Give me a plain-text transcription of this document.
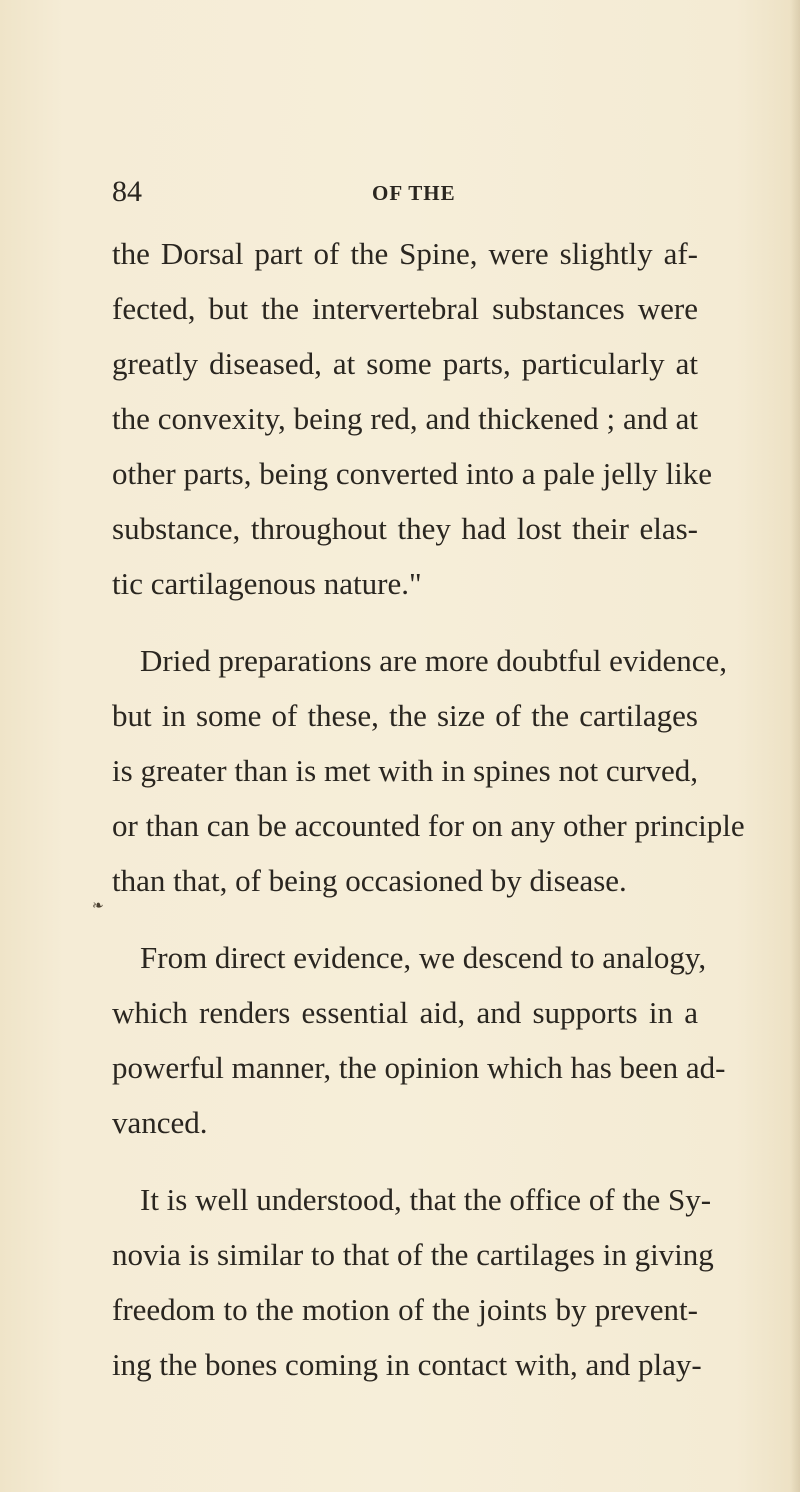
84	OF THE
the Dorsal part of the Spine, were slightly af-
fected, but the intervertebral substances were
greatly diseased, at some parts, particularly at
the convexity, being red, and thickened ; and at
other parts, being converted into a pale jelly like
substance, throughout they had lost their elas-
tic cartilagenous nature."
Dried preparations are more doubtful evidence,
but in some of these, the size of the cartilages
is greater than is met with in spines not curved,
or than can be accounted for on any other principle
than that, of being occasioned by disease.
From direct evidence, we descend to analogy,
which renders essential aid, and supports in a
powerful manner, the opinion which has been ad-
vanced.
It is well understood, that the office of the Sy-
novia is similar to that of the cartilages in giving
freedom to the motion of the joints by prevent-
ing the bones coming in contact with, and play-
❧
